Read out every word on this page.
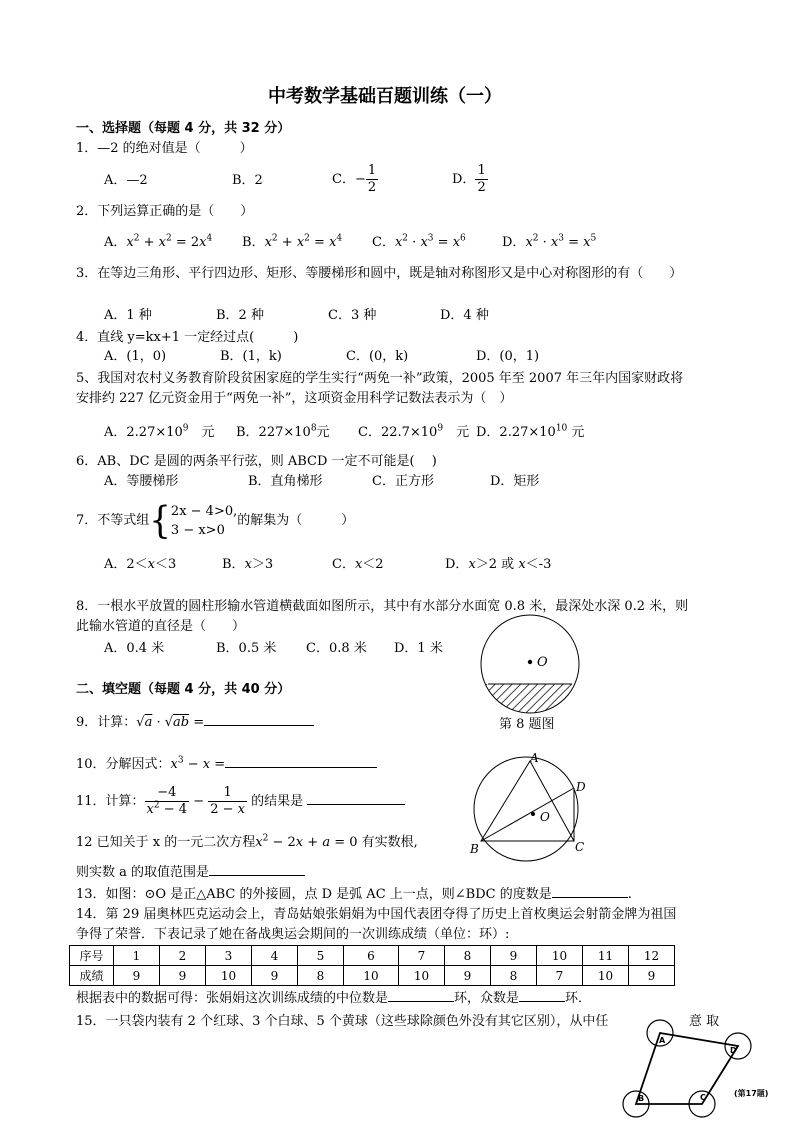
中考数学基础百题训练（一）
一、选择题（每题 4 分，共 32 分）
1．—2 的绝对值是（　　　）
A．—2	B．2	C．− $\frac{1}{2}$	D． $\frac{1}{2}$
2．下列运算正确的是（　　）
A．$x^2 + x^2 = 2x^4$ B．$x^2 + x^2 = x^4$ C．$x^2 \cdot x^3 = x^6$	D．$x^2 \cdot x^3 = x^5$
3．在等边三角形、平行四边形、矩形、等腰梯形和圆中，既是轴对称图形又是中心对称图形的有（　　）
A．1 种	B．2 种	C．3 种	D．4 种
4．直线 y=kx+1 一定经过点(　　　)
A．(1，0)	B．(1，k)	C．(0，k)	D．(0，1)
5、我国对农村义务教育阶段贫困家庭的学生实行“两免一补”政策，2005 年至 2007 年三年内国家财政将
安排约 227 亿元资金用于“两免一补”，这项资金用科学记数法表示为（　）
A．$2.27\times 10^9$　元 B．$227\times 10^8$元 C．$22.7\times 10^9$　元 D．$2.27\times 10^{10}$ 元
6．AB、DC 是圆的两条平行弦，则 ABCD 一定不可能是(　 )
A．等腰梯形	B．直角梯形	C．正方形	D．矩形
7．不等式组{ 2x − 4>0,
3 − x>0
的解集为（　　　）
A．2＜x＜3	B．x＞3	C．x＜2	D．x＞2 或 x＜-3
8．一根水平放置的圆柱形输水管道横截面如图所示，其中有水部分水面宽 0.8 米，最深处水深 0.2 米，则
此输水管道的直径是（　　）
A．0.4 米	B．0.5 米 C．0.8 米 D．1 米
O
第 8 题图
二、填空题（每题 4 分，共 40 分）
9．计算：√a · √ab =
10．分解因式：$x^3 - x$ =
11．计算： $\frac{-4}{x^2 - 4} - \frac{1}{2 - x}$ 的结果是
12 已知关于 x 的一元二次方程$x^2 - 2x + a = 0$ 有实数根,
则实数 a 的取值范围是
A
B	C
D
O
13．如图：⊙O 是正△ABC 的外接圆，点 D 是弧 AC 上一点，则∠BDC 的度数是	.
14．第 29 届奥林匹克运动会上，青岛姑娘张娟娟为中国代表团夺得了历史上首枚奥运会射箭金牌为祖国
争得了荣誉．下表记录了她在备战奥运会期间的一次训练成绩（单位：环）:
序号	1	2	3	4	5	6	7	8	9	10	11	12
成绩	9	9	10	9	8	10	10	9	8	7	10	9
根据表中的数据可得：张娟娟这次训练成绩的中位数是	环，众数是	环．
15．一只袋内装有 2 个红球、3 个白球、5 个黄球（这些球除颜色外没有其它区别），从中任	意 取
A
D
B	C	(第17题)
